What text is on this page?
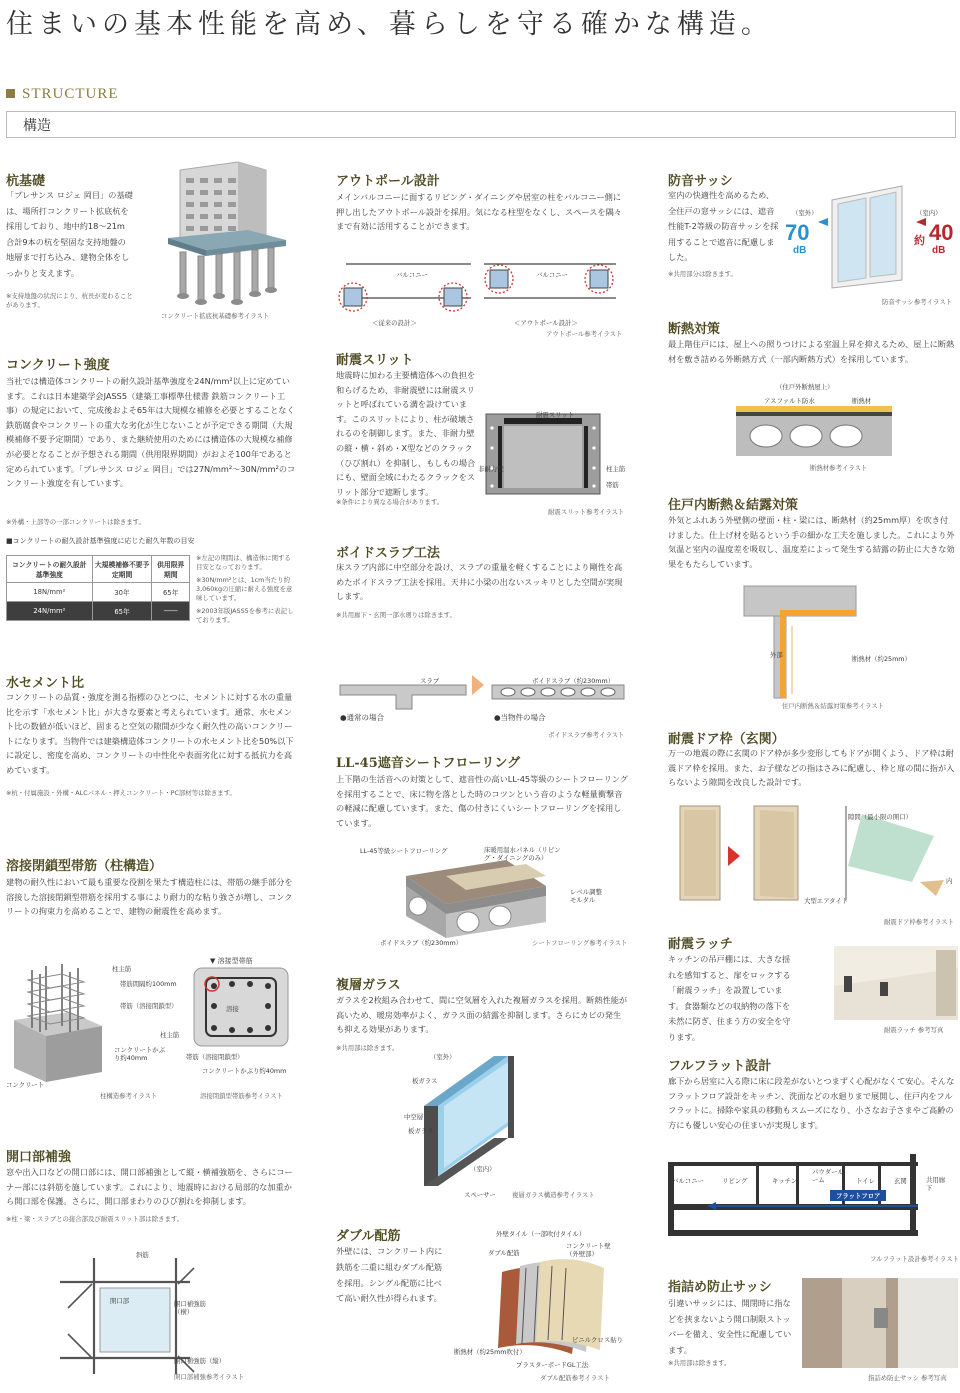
住まいの基本性能を高め、暮らしを守る確かな構造。
STRUCTURE
構造
杭基礎
「プレサンス ロジェ 岡目」の基礎は、場所打コンクリート拡底杭を採用しており、地中約18～21m合計9本の杭を堅固な支持地盤の地層まで打ち込み、建物全体をしっかりと支えます。
※支持地盤の状況により、杭長が変わることがあります。
コンクリート拡底杭基礎参考イラスト
コンクリート強度
当社では構造体コンクリートの耐久設計基準強度を24N/mm²以上に定めています。これは日本建築学会JASS5（建築工事標準仕様書 鉄筋コンクリート工事）の規定において、完成後およそ65年は大規模な補修を必要とすることなく鉄筋腐食やコンクリートの重大な劣化が生じないことが予定できる期間（大規模補修不要予定期間）であり、また継続使用のためには構造体の大規模な補修が必要となることが予想される期間（供用限界期間）がおよそ100年であると定められています。「プレサンス ロジェ 岡目」では27N/mm²～30N/mm²のコンクリート強度を有しています。
※外構・上部等の一部コンクリートは除きます。
■コンクリートの耐久設計基準強度に応じた耐久年数の目安
コンクリートの耐久設計基準強度	大規模補修不要予定期間	供用限界期間
18N/mm²	30年	65年
24N/mm²	65年	――
※左記の期間は、構造体に関する目安となっております。
※30N/mm²とは、1cm当たり約3,060kgの圧縮に耐える強度を意味しています。
※2003年版JASS5を参考に表記しております。
水セメント比
コンクリートの品質・強度を測る指標のひとつに、セメントに対する水の重量比を示す「水セメント比」が大きな要素と考えられています。通常、水セメント比の数値が低いほど、固まると空気の隙間が少なく耐久性の高いコンクリートになります。当物件では建築構造体コンクリートの水セメント比を50%以下に設定し、密度を高め、コンクリートの中性化や表面劣化に対する抵抗力を高めています。
※杭・付属施設・外構・ALCパネル・押えコンクリート・PC部材等は除きます。
溶接閉鎖型帯筋（柱構造）
建物の耐久性において最も重要な役割を果たす構造柱には、帯筋の継手部分を溶接した溶接閉鎖型帯筋を採用する事により耐力的な粘り強さが増し、コンクリートの拘束力を高めることで、建物の耐震性を高めます。
柱主筋
帯筋間隔約100mm
帯筋（溶接閉鎖型）
コンクリートかぶり約40mm
コンクリート
柱構造参考イラスト
▼ 溶接型帯筋
溶接
柱主筋
帯筋（溶接閉鎖型）
コンクリートかぶり約40mm
溶接閉鎖型帯筋参考イラスト
開口部補強
窓や出入口などの開口部には、開口部補強として縦・横補強筋を、さらにコーナー部には斜筋を施しています。これにより、地震時における局部的な加重から開口部を保護。さらに、開口部まわりのひび割れを抑制します。
※柱・梁・スラブとの接合部及び耐震スリット部は除きます。
斜筋
開口部	開口補強筋（横）
開口補強筋（縦）
開口部補強参考イラスト
アウトポール設計
メインバルコニーに面するリビング・ダイニングや居室の柱をバルコニー側に押し出したアウトポール設計を採用。気になる柱型をなくし、スペースを隅々まで有効に活用することができます。
バルコニー	バルコニー
＜従来の設計＞	＜アウトポール設計＞
アウトポール参考イラスト
耐震スリット
耐震スリット
非耐力壁	柱主筋
帯筋
耐震スリット参考イラスト
※条件により異なる場合があります。
ボイドスラブ工法
床スラブ内部に中空部分を設け、スラブの重量を軽くすることにより剛性を高めたボイドスラブ工法を採用。天井に小梁の出ないスッキリとした空間が実現します。
※共用廊下・玄関一部水廻りは除きます。
スラブ	ボイドスラブ（約230mm）
●通常の場合	●当物件の場合
ボイドスラブ参考イラスト
LL-45遮音シートフローリング
上下階の生活音への対策として、遮音性の高いLL-45等級のシートフローリングを採用することで、床に物を落とした時のコツンという音のような軽量衝撃音の軽減に配慮しています。また、傷の付きにくいシートフローリングを採用しています。
LL-45等級シートフローリング	床暖用温水パネル（リビング・ダイニングのみ）
レベル調整モルタル
ボイドスラブ（約230mm）	シートフローリング参考イラスト
複層ガラス
ガラスを2枚組み合わせて、間に空気層を入れた複層ガラスを採用。断熱性能が高いため、暖房効率がよく、ガラス面の結露を抑制します。さらにカビの発生も抑える効果があります。
※共用部は除きます。
（室外）
板ガラス
中空層
板ガラス
（室内）
スペーサー	複層ガラス構造参考イラスト
ダブル配筋
外壁には、コンクリート内に鉄筋を二重に組むダブル配筋を採用。シングル配筋に比べて高い耐久性が得られます。
外壁タイル（一部吹付タイル）
ダブル配筋
コンクリート壁（外壁部）
ビニルクロス貼り
断熱材（約25mm吹付）
プラスターボードGL工法
ダブル配筋参考イラスト
防音サッシ
室内の快適性を高めるため、全住戸の窓サッシには、遮音性能T-2等級の防音サッシを採用することで遮音に配慮しました。
※共用部分は除きます。
（室外）	（室内）
70
dB
約 40
dB
防音サッシ参考イラスト
断熱対策
最上階住戸には、屋上への照りつけによる室温上昇を抑えるため、屋上に断熱材を敷き詰める外断熱方式（一部内断熱方式）を採用しています。
（住戸外断熱屋上）
アスファルト防水	断熱材
断熱材参考イラスト
住戸内断熱＆結露対策
外気とふれあう外壁側の壁面・柱・梁には、断熱材（約25mm厚）を吹き付けました。仕上げ材を貼るという手の細かな工夫を施しました。これにより外気温と室内の温度差を吸収し、温度差によって発生する結露の防止に大きな効果をもたらしています。
外部	断熱材（約25mm）
住戸内断熱＆結露対策参考イラスト
耐震ドア枠（玄関）
万一の地震の際に玄関のドア枠が多少変形してもドアが開くよう、ドア枠は耐震ドア枠を採用。また、お子様などの指はさみに配慮し、枠と扉の間に指が入らないよう隙間を改良した設計です。
隙間（最小限の開口）
大型エアタイト
内
耐震ドア枠参考イラスト
耐震ラッチ
キッチンの吊戸棚には、大きな揺れを感知すると、扉をロックする「耐震ラッチ」を設置しています。食器類などの収納物の落下を未然に防ぎ、住まう方の安全を守ります。
耐震ラッチ 参考写真
フルフラット設計
廊下から居室に入る際に床に段差がないとつまずく心配がなくて安心。そんなフラットフロア設計をキッチン、洗面などの水廻りまで展開し、住戸内をフルフラットに。掃除や家具の移動もスムーズになり、小さなお子さまやご高齢の方にも優しい安心の住まいが実現します。
バルコニー	リビング	キッチン
パウダールーム	トイレ	玄関	共用廊下
フラットフロア
フルフラット設計参考イラスト
指詰め防止サッシ
引違いサッシには、開閉時に指などを挟まないよう開口制限ストッパーを備え、安全性に配慮しています。
※共用部は除きます。
指詰め防止サッシ 参考写真
地震時に加わる主要構造体への負担を和らげるため、非耐震壁には耐震スリットと呼ばれている溝を設けています。このスリットにより、柱が破壊されるのを制御します。また、非耐力壁の縦・横・斜め・X型などのクラック（ひび割れ）を抑制し、もしもの場合にも、壁面全域にわたるクラックをスリット部分で遮断します。
